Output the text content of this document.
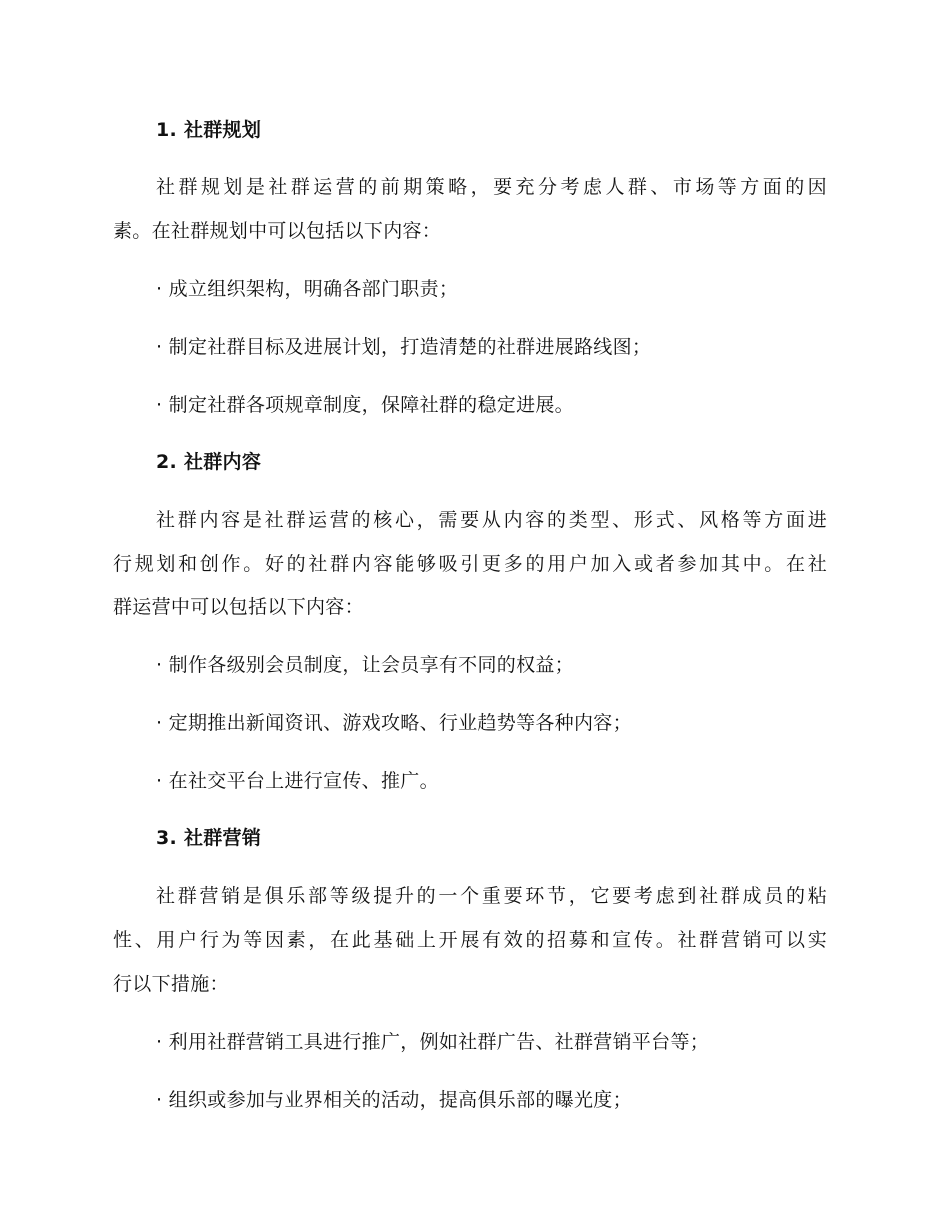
1. 社群规划
社群规划是社群运营的前期策略，要充分考虑人群、市场等方面的因
素。在社群规划中可以包括以下内容：
· 成立组织架构，明确各部门职责；
· 制定社群目标及进展计划，打造清楚的社群进展路线图；
· 制定社群各项规章制度，保障社群的稳定进展。
2. 社群内容
社群内容是社群运营的核心，需要从内容的类型、形式、风格等方面进
行规划和创作。好的社群内容能够吸引更多的用户加入或者参加其中。在社
群运营中可以包括以下内容：
· 制作各级别会员制度，让会员享有不同的权益；
· 定期推出新闻资讯、游戏攻略、行业趋势等各种内容；
· 在社交平台上进行宣传、推广。
3. 社群营销
社群营销是俱乐部等级提升的一个重要环节，它要考虑到社群成员的粘
性、用户行为等因素，在此基础上开展有效的招募和宣传。社群营销可以实
行以下措施：
· 利用社群营销工具进行推广，例如社群广告、社群营销平台等；
· 组织或参加与业界相关的活动，提高俱乐部的曝光度；
